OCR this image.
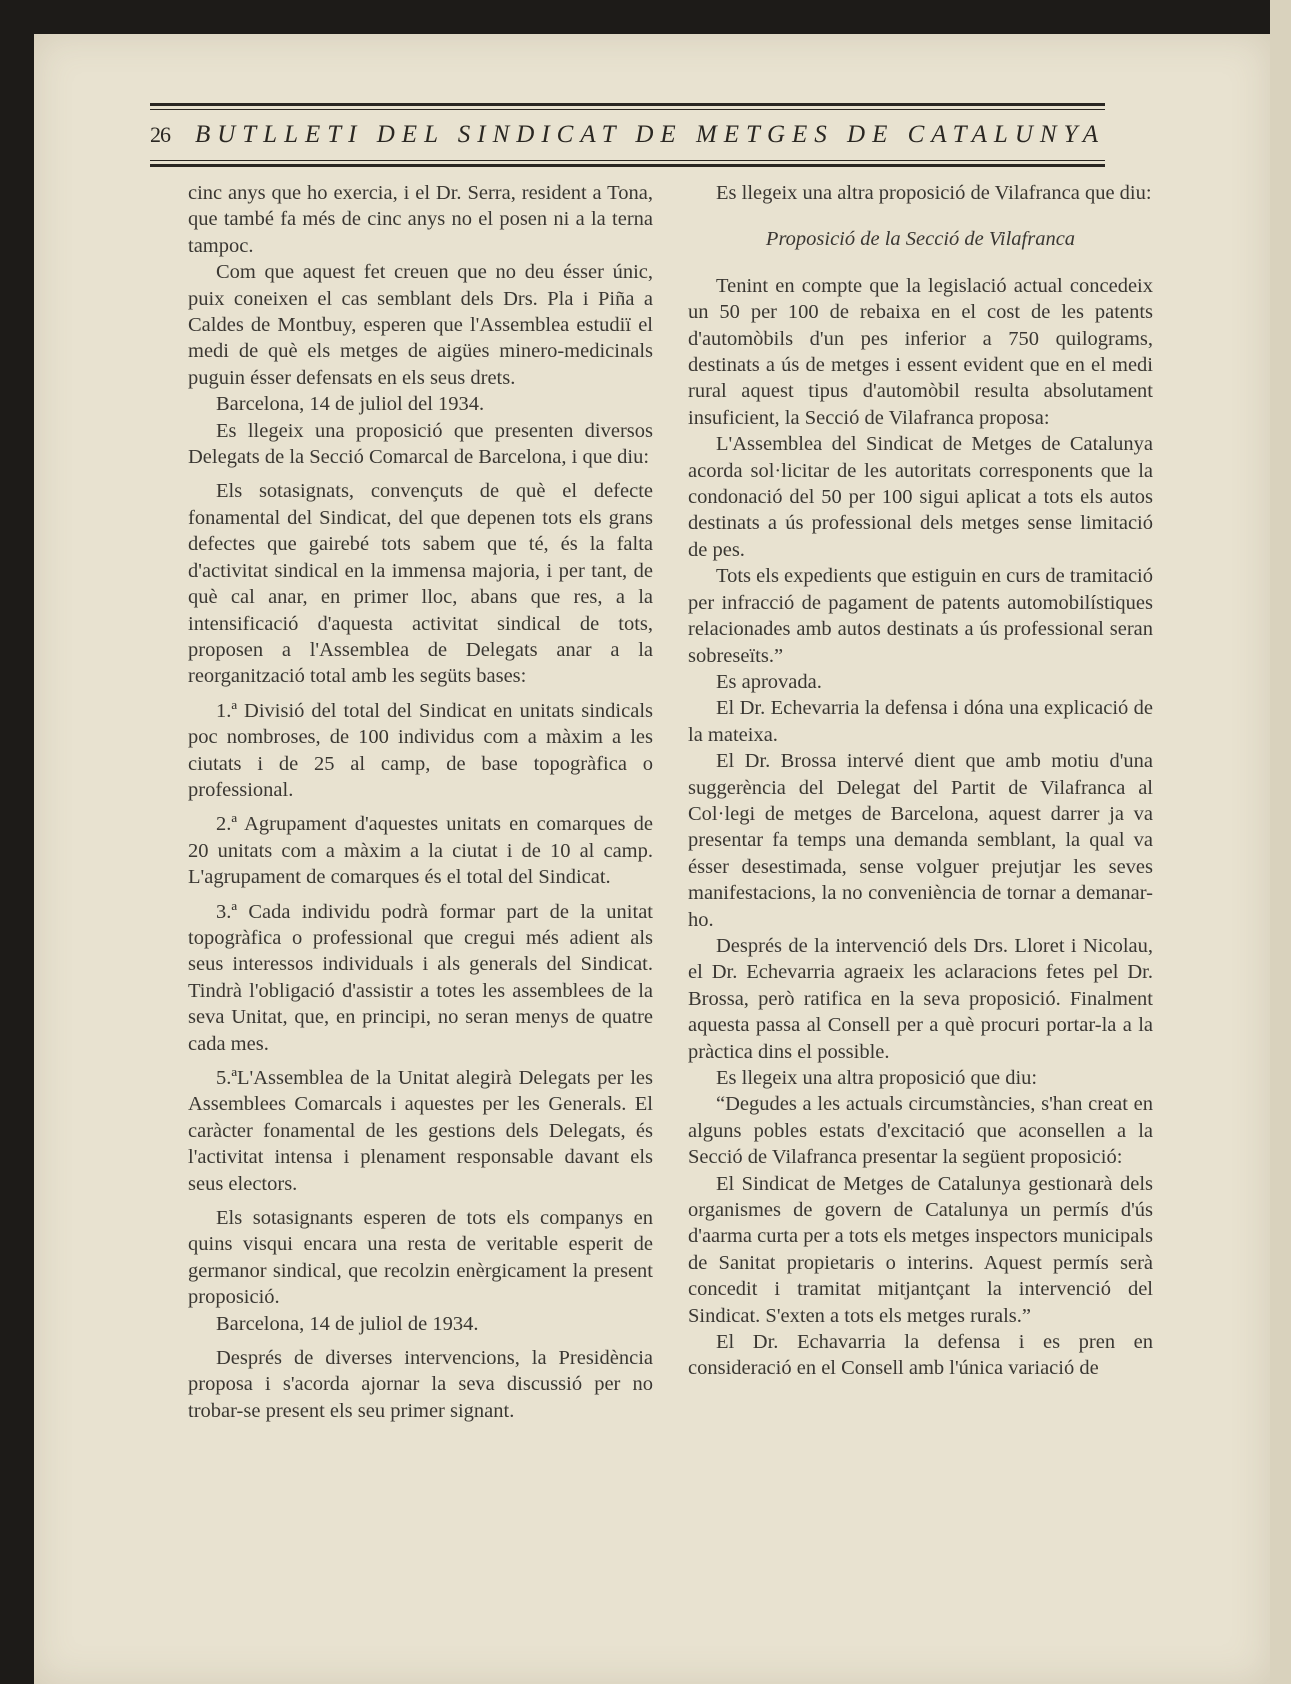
26 BUTLLETI DEL SINDICAT DE METGES DE CATALUNYA

cinc anys que ho exercia, i el Dr. Serra, resident a Tona, que també fa més de cinc anys no el posen ni a la terna tampoc.

Com que aquest fet creuen que no deu ésser únic, puix coneixen el cas semblant dels Drs. Pla i Piña a Caldes de Montbuy, esperen que l'Assemblea estudiï el medi de què els metges de aigües minero-medicinals puguin ésser defensats en els seus drets.

Barcelona, 14 de juliol del 1934.

Es llegeix una proposició que presenten diversos Delegats de la Secció Comarcal de Barcelona, i que diu:

Els sotasignats, convençuts de què el defecte fonamental del Sindicat, del que depenen tots els grans defectes que gairebé tots sabem que té, és la falta d'activitat sindical en la immensa majoria, i per tant, de què cal anar, en primer lloc, abans que res, a la intensificació d'aquesta activitat sindical de tots, proposen a l'Assemblea de Delegats anar a la reorganització total amb les següts bases:

1.ª Divisió del total del Sindicat en unitats sindicals poc nombroses, de 100 individus com a màxim a les ciutats i de 25 al camp, de base topogràfica o professional.

2.ª Agrupament d'aquestes unitats en comarques de 20 unitats com a màxim a la ciutat i de 10 al camp. L'agrupament de comarques és el total del Sindicat.

3.ª Cada individu podrà formar part de la unitat topogràfica o professional que cregui més adient als seus interessos individuals i als generals del Sindicat. Tindrà l'obligació d'assistir a totes les assemblees de la seva Unitat, que, en principi, no seran menys de quatre cada mes.

5.ªL'Assemblea de la Unitat alegirà Delegats per les Assemblees Comarcals i aquestes per les Generals. El caràcter fonamental de les gestions dels Delegats, és l'activitat intensa i plenament responsable davant els seus electors.

Els sotasignants esperen de tots els companys en quins visqui encara una resta de veritable esperit de germanor sindical, que recolzin enèrgicament la present proposició.

Barcelona, 14 de juliol de 1934.

Després de diverses intervencions, la Presidència proposa i s'acorda ajornar la seva discussió per no trobar-se present els seu primer signant.

Es llegeix una altra proposició de Vilafranca que diu:

Proposició de la Secció de Vilafranca

Tenint en compte que la legislació actual concedeix un 50 per 100 de rebaixa en el cost de les patents d'automòbils d'un pes inferior a 750 quilograms, destinats a ús de metges i essent evident que en el medi rural aquest tipus d'automòbil resulta absolutament insuficient, la Secció de Vilafranca proposa:

L'Assemblea del Sindicat de Metges de Catalunya acorda sol·licitar de les autoritats corresponents que la condonació del 50 per 100 sigui aplicat a tots els autos destinats a ús professional dels metges sense limitació de pes.

Tots els expedients que estiguin en curs de tramitació per infracció de pagament de patents automobilístiques relacionades amb autos destinats a ús professional seran sobreseïts.”

Es aprovada.

El Dr. Echevarria la defensa i dóna una explicació de la mateixa.

El Dr. Brossa intervé dient que amb motiu d'una suggerència del Delegat del Partit de Vilafranca al Col·legi de metges de Barcelona, aquest darrer ja va presentar fa temps una demanda semblant, la qual va ésser desestimada, sense volguer prejutjar les seves manifestacions, la no conveniència de tornar a demanar-ho.

Després de la intervenció dels Drs. Lloret i Nicolau, el Dr. Echevarria agraeix les aclaracions fetes pel Dr. Brossa, però ratifica en la seva proposició. Finalment aquesta passa al Consell per a què procuri portar-la a la pràctica dins el possible.

Es llegeix una altra proposició que diu:

“Degudes a les actuals circumstàncies, s'han creat en alguns pobles estats d'excitació que aconsellen a la Secció de Vilafranca presentar la següent proposició:

El Sindicat de Metges de Catalunya gestionarà dels organismes de govern de Catalunya un permís d'ús d'aarma curta per a tots els metges inspectors municipals de Sanitat propietaris o interins. Aquest permís serà concedit i tramitat mitjantçant la intervenció del Sindicat. S'exten a tots els metges rurals.”

El Dr. Echavarria la defensa i es pren en consideració en el Consell amb l'única variació de
